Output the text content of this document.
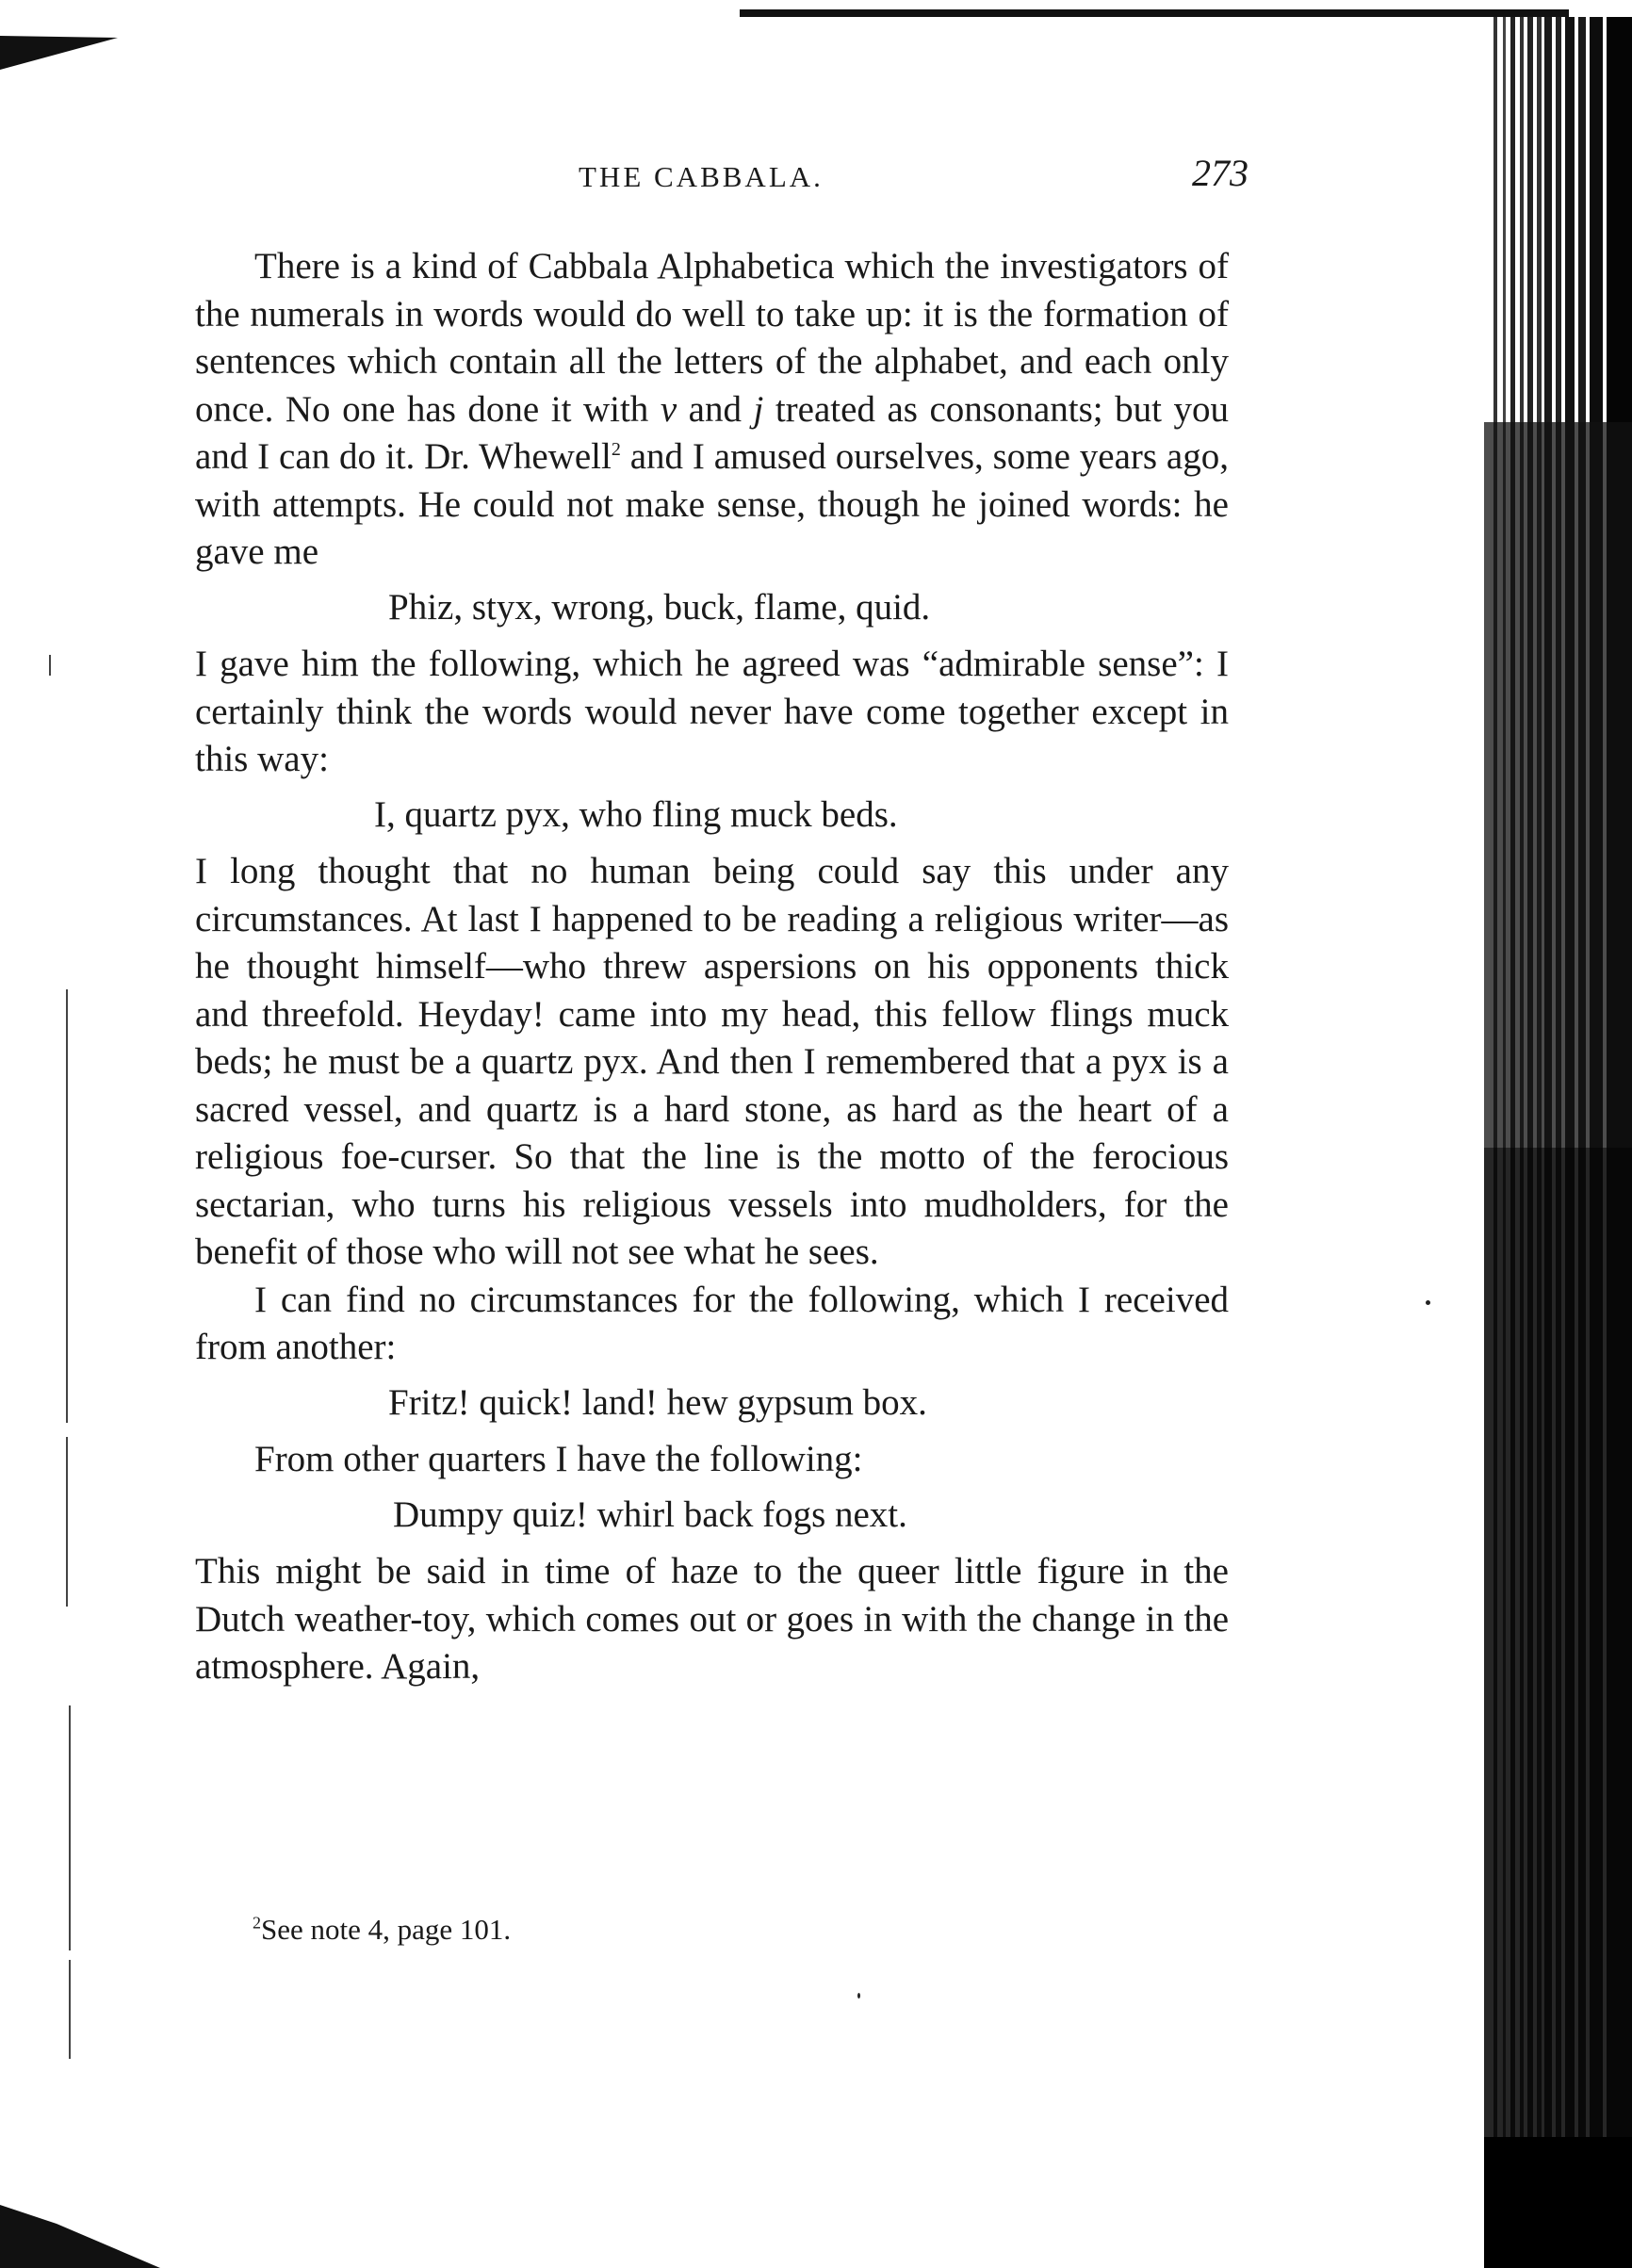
THE CABBALA.	273

There is a kind of Cabbala Alphabetica which the investigators of the numerals in words would do well to take up: it is the formation of sentences which contain all the letters of the alphabet, and each only once. No one has done it with v and j treated as consonants; but you and I can do it. Dr. Whewell$^2$ and I amused ourselves, some years ago, with attempts. He could not make sense, though he joined words: he gave me

Phiz, styx, wrong, buck, flame, quid.

I gave him the following, which he agreed was “admirable sense”: I certainly think the words would never have come together except in this way:

I, quartz pyx, who fling muck beds.

I long thought that no human being could say this under any circumstances. At last I happened to be reading a religious writer—as he thought himself—who threw aspersions on his opponents thick and threefold. Heyday! came into my head, this fellow flings muck beds; he must be a quartz pyx. And then I remembered that a pyx is a sacred vessel, and quartz is a hard stone, as hard as the heart of a religious foe-curser. So that the line is the motto of the ferocious sectarian, who turns his religious vessels into mudholders, for the benefit of those who will not see what he sees.

I can find no circumstances for the following, which I received from another:

Fritz! quick! land! hew gypsum box.

From other quarters I have the following:

Dumpy quiz! whirl back fogs next.

This might be said in time of haze to the queer little figure in the Dutch weather-toy, which comes out or goes in with the change in the atmosphere. Again,

$^2$See note 4, page 101.
